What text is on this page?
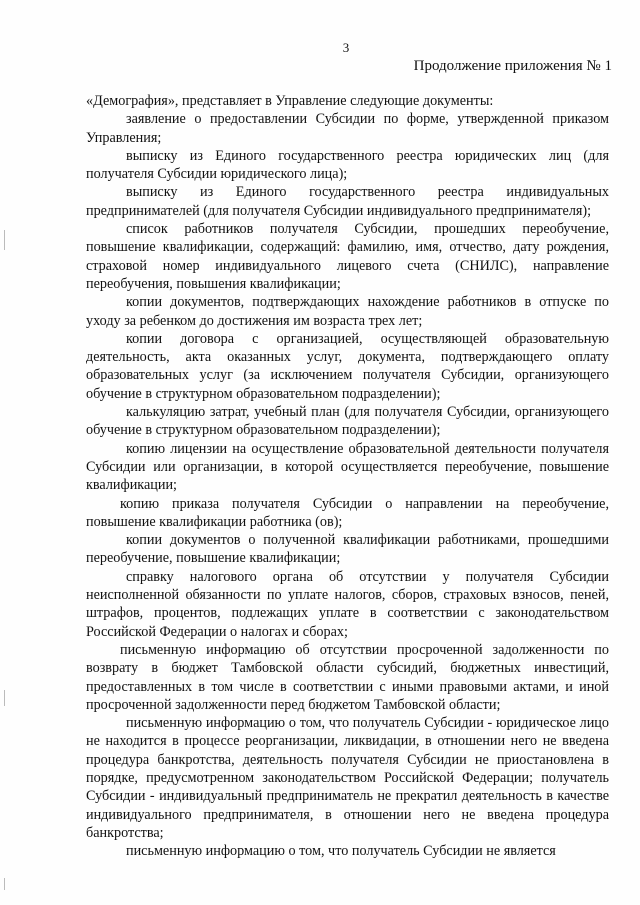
3
Продолжение приложения № 1

«Демография», представляет в Управление следующие документы:

заявление о предоставлении Субсидии по форме, утвержденной приказом Управления;

выписку из Единого государственного реестра юридических лиц (для получателя Субсидии юридического лица);

выписку из Единого государственного реестра индивидуальных предпринимателей (для получателя Субсидии индивидуального предпринимателя);

список работников получателя Субсидии, прошедших переобучение, повышение квалификации, содержащий: фамилию, имя, отчество, дату рождения, страховой номер индивидуального лицевого счета (СНИЛС), направление переобучения, повышения квалификации;

копии документов, подтверждающих нахождение работников в отпуске по уходу за ребенком до достижения им возраста трех лет;

копии договора с организацией, осуществляющей образовательную деятельность, акта оказанных услуг, документа, подтверждающего оплату образовательных услуг (за исключением получателя Субсидии, организующего обучение в структурном образовательном подразделении);

калькуляцию затрат, учебный план (для получателя Субсидии, организующего обучение в структурном образовательном подразделении);

копию лицензии на осуществление образовательной деятельности получателя Субсидии или организации, в которой осуществляется переобучение, повышение квалификации;

копию приказа получателя Субсидии о направлении на переобучение, повышение квалификации работника (ов);

копии документов о полученной квалификации работниками, прошедшими переобучение, повышение квалификации;

справку налогового органа об отсутствии у получателя Субсидии неисполненной обязанности по уплате налогов, сборов, страховых взносов, пеней, штрафов, процентов, подлежащих уплате в соответствии с законодательством Российской Федерации о налогах и сборах;

письменную информацию об отсутствии просроченной задолженности по возврату в бюджет Тамбовской области субсидий, бюджетных инвестиций, предоставленных в том числе в соответствии с иными правовыми актами, и иной просроченной задолженности перед бюджетом Тамбовской области;

письменную информацию о том, что получатель Субсидии - юридическое лицо не находится в процессе реорганизации, ликвидации, в отношении него не введена процедура банкротства, деятельность получателя Субсидии не приостановлена в порядке, предусмотренном законодательством Российской Федерации; получатель Субсидии - индивидуальный предприниматель не прекратил деятельность в качестве индивидуального предпринимателя, в отношении него не введена процедура банкротства;

письменную информацию о том, что получатель Субсидии не является
